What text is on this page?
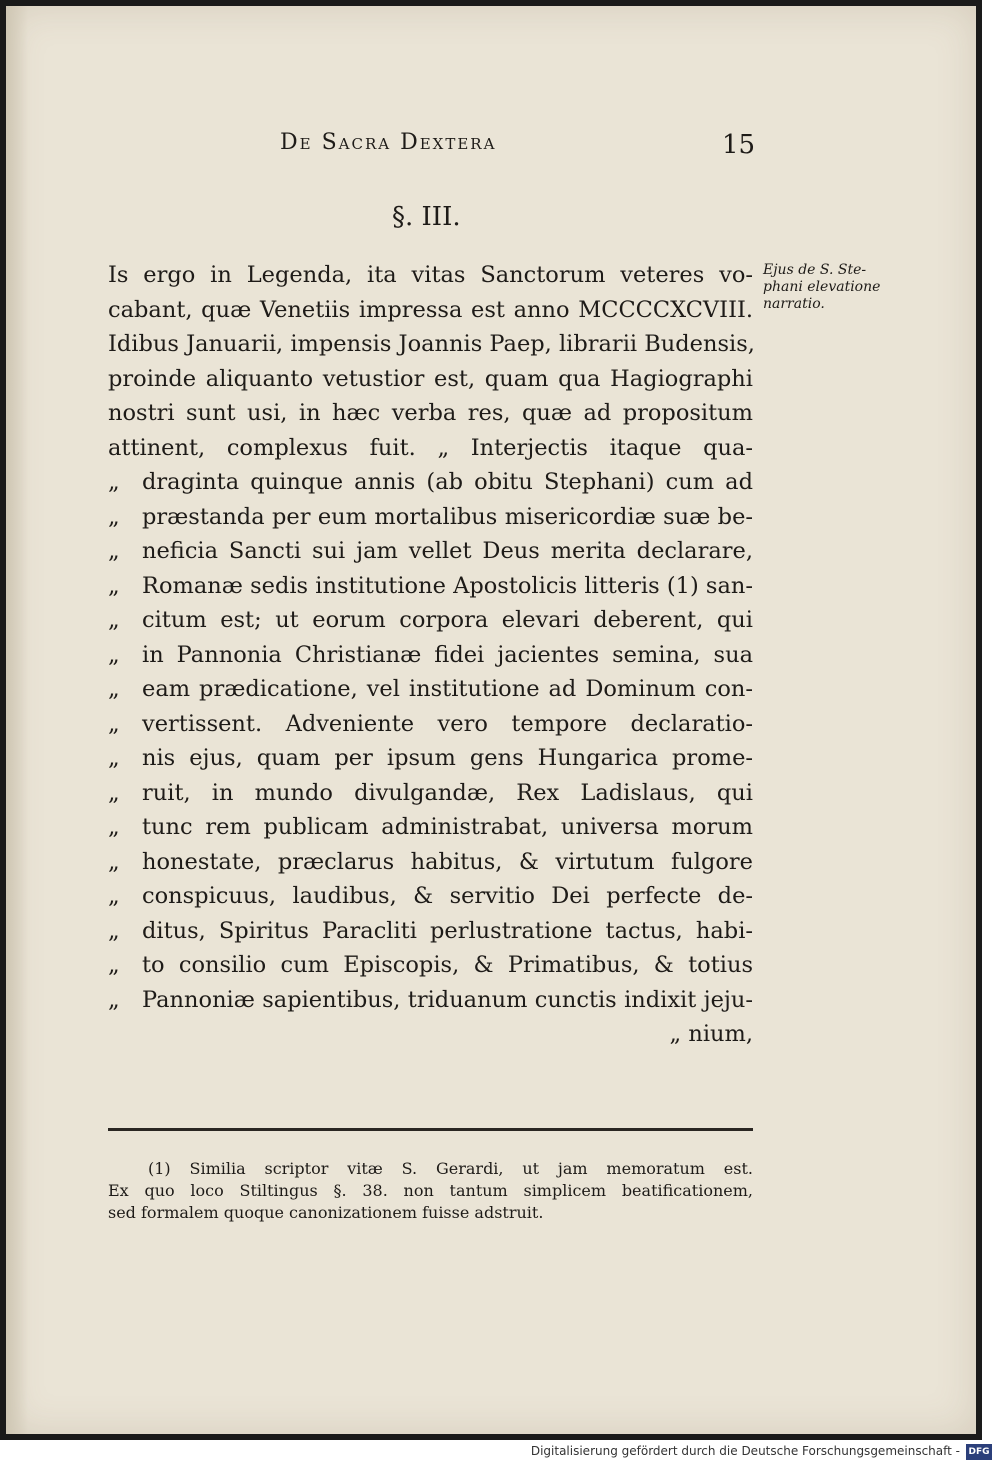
De Sacra Dextera	15
§. III.
Is ergo in Legenda, ita vitas Sanctorum veteres vo-
cabant, quæ Venetiis impressa est anno MCCCCXCVIII.
Idibus Januarii, impensis Joannis Paep, librarii Budensis,
proinde aliquanto vetustior est, quam qua Hagiographi
nostri sunt usi, in hæc verba res, quæ ad propositum
attinent, complexus fuit. „ Interjectis itaque qua-
„ draginta quinque annis (ab obitu Stephani) cum ad
„ præstanda per eum mortalibus misericordiæ suæ be-
„ neficia Sancti sui jam vellet Deus merita declarare,
„ Romanæ sedis institutione Apostolicis litteris (1) san-
„ citum est; ut eorum corpora elevari deberent, qui
„ in Pannonia Christianæ fidei jacientes semina, sua
„ eam prædicatione, vel institutione ad Dominum con-
„ vertissent. Adveniente vero tempore declaratio-
„ nis ejus, quam per ipsum gens Hungarica prome-
„ ruit, in mundo divulgandæ, Rex Ladislaus, qui
„ tunc rem publicam administrabat, universa morum
„ honestate, præclarus habitus, & virtutum fulgore
„ conspicuus, laudibus, & servitio Dei perfecte de-
„ ditus, Spiritus Paracliti perlustratione tactus, habi-
„ to consilio cum Episcopis, & Primatibus, & totius
„ Pannoniæ sapientibus, triduanum cunctis indixit jeju-
„ nium,
Ejus de S. Ste-
phani elevatione
narratio.
(1) Similia scriptor vitæ S. Gerardi, ut jam memoratum est.
Ex quo loco Stiltingus §. 38. non tantum simplicem beatificationem,
sed formalem quoque canonizationem fuisse adstruit.
Digitalisierung gefördert durch die Deutsche Forschungsgemeinschaft - DFG
